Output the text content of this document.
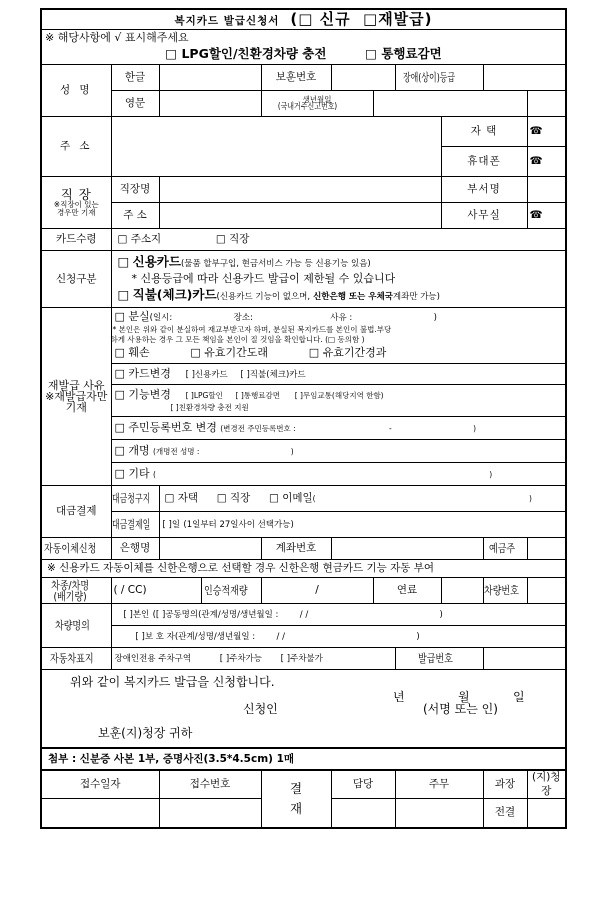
복지카드 발급신청서  (□ 신규 □재발급)

※ 해당사항에 √ 표시해주세요
□ LPG할인/친환경차량 충전	□ 통행료감면

성 명	한글		보훈번호		장애(상이)등급	
영문		생년월일
(국내거주신고번호)

주 소		자 택	☎
휴대폰	☎

직 장
※직장이 있는
경우만 기재
	직장명		부서명	
주 소		사무실	☎
카드수령	□ 주소지	□ 직장
신청구분	
□ 신용카드(물품 할부구입, 현금서비스 가능 등 신용기능 있음)
* 신용등급에 따라 신용카드 발급이 제한될 수 있습니다
□ 직불(체크)카드(신용카드 기능이 없으며, 신한은행 또는 우체국계좌만 가능)

재발급 사유
※재발급자만
기재

□ 분실(일시:	장소:	사유 :	)
* 본인은 위와 같이 분실하여 재교부받고자 하며, 분실된 복지카드를 본인이 불법.부당
하게 사용하는 경우 그 모든 책임을 본인이 질 것임을 확인합니다. (□ 동의함 )
□ 훼손	□ 유효기간도래	□ 유효기간경과

□ 카드변경 [ ]신용카드 [ ]직불(체크)카드
□ 기능변경 [ ]LPG할인 [ ]통행료감면 [ ]무임교통(해당지역 한함)
[ ]친환경차량 충전 지원

□ 주민등록번호 변경 (변경전 주민등록번호 :	-	)
□ 개명 (개명전 성명 :	)
□ 기타 (	)

대금결제	대금청구지	□ 자택 □ 직장 □ 이메일(	)
대금결제일	[ ]일 (1일부터 27일사이 선택가능)
자동이체신청	은행명		계좌번호		예금주	
※ 신용카드 자동이체를 신한은행으로 선택할 경우 신한은행 현금카드 기능 자동 부여

차종/차명
(배기량)	( / CC)	인승적재량	/	연료		차량번호	
차량명의	
[ ]본인 ([ ]공동명의(관계/성명/생년월일 :	/ /	)
[ ]보 호 자(관계/성명/생년월일 :	/ /	)

자동차표지	장애인전용 주차구역	[ ]주차가능 [ ]주차불가	발급번호	

위와 같이 복지카드 발급을 신청합니다.
년	월	일
신청인	(서명 또는 인)
보훈(지)청장 귀하

첨부 : 신분증 사본 1부, 증명사진(3.5*4.5cm) 1매
접수일자	접수번호	결
재
	담당	주무	과장	(지)청장
				전결	
